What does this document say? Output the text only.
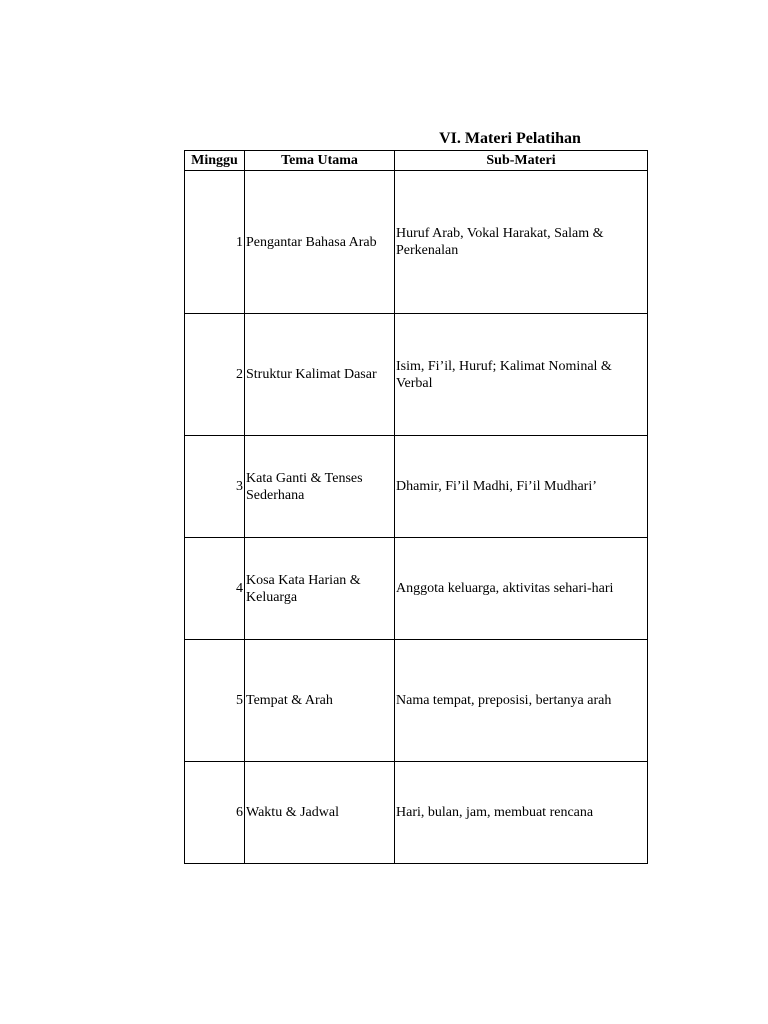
VI. Materi Pelatihan
Minggu	Tema Utama	Sub-Materi
1	Pengantar Bahasa Arab	Huruf Arab, Vokal Harakat, Salam & Perkenalan
2	Struktur Kalimat Dasar	Isim, Fi’il, Huruf; Kalimat Nominal & Verbal
3	Kata Ganti & Tenses Sederhana	Dhamir, Fi’il Madhi, Fi’il Mudhari’
4	Kosa Kata Harian & Keluarga	Anggota keluarga, aktivitas sehari-hari
5	Tempat & Arah	Nama tempat, preposisi, bertanya arah
6	Waktu & Jadwal	Hari, bulan, jam, membuat rencana
